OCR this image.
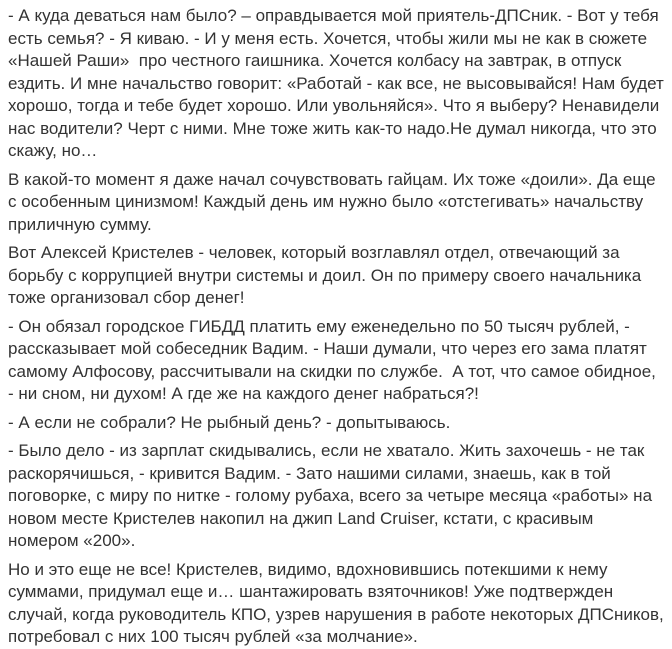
- А куда деваться нам было? – оправдывается мой приятель-ДПСник. - Вот у тебя есть семья? - Я киваю. - И у меня есть. Хочется, чтобы жили мы не как в сюжете «Нашей Раши»  про честного гаишника. Хочется колбасу на завтрак, в отпуск ездить. И мне начальство говорит: «Работай - как все, не высовывайся! Нам будет хорошо, тогда и тебе будет хорошо. Или увольняйся». Что я выберу? Ненавидели нас водители? Черт с ними. Мне тоже жить как-то надо.Не думал никогда, что это скажу, но…

В какой-то момент я даже начал сочувствовать гайцам. Их тоже «доили». Да еще с особенным цинизмом! Каждый день им нужно было «отстегивать» начальству приличную сумму.

Вот Алексей Кристелев - человек, который возглавлял отдел, отвечающий за борьбу с коррупцией внутри системы и доил. Он по примеру своего начальника тоже организовал сбор денег!

- Он обязал городское ГИБДД платить ему еженедельно по 50 тысяч рублей, - рассказывает мой собеседник Вадим. - Наши думали, что через его зама платят самому Алфосову, рассчитывали на скидки по службе.  А тот, что самое обидное, - ни сном, ни духом! А где же на каждого денег набраться?!

- А если не собрали? Не рыбный день? - допытываюсь.

- Было дело - из зарплат скидывались, если не хватало. Жить захочешь - не так раскорячишься, - кривится Вадим. - Зато нашими силами, знаешь, как в той поговорке, с миру по нитке - голому рубаха, всего за четыре месяца «работы» на новом месте Кристелев накопил на джип Land Cruiser, кстати, с красивым номером «200».

Но и это еще не все! Кристелев, видимо, вдохновившись потекшими к нему суммами, придумал еще и… шантажировать взяточников! Уже подтвержден случай, когда руководитель КПО, узрев нарушения в работе некоторых ДПСников, потребовал с них 100 тысяч рублей «за молчание».
